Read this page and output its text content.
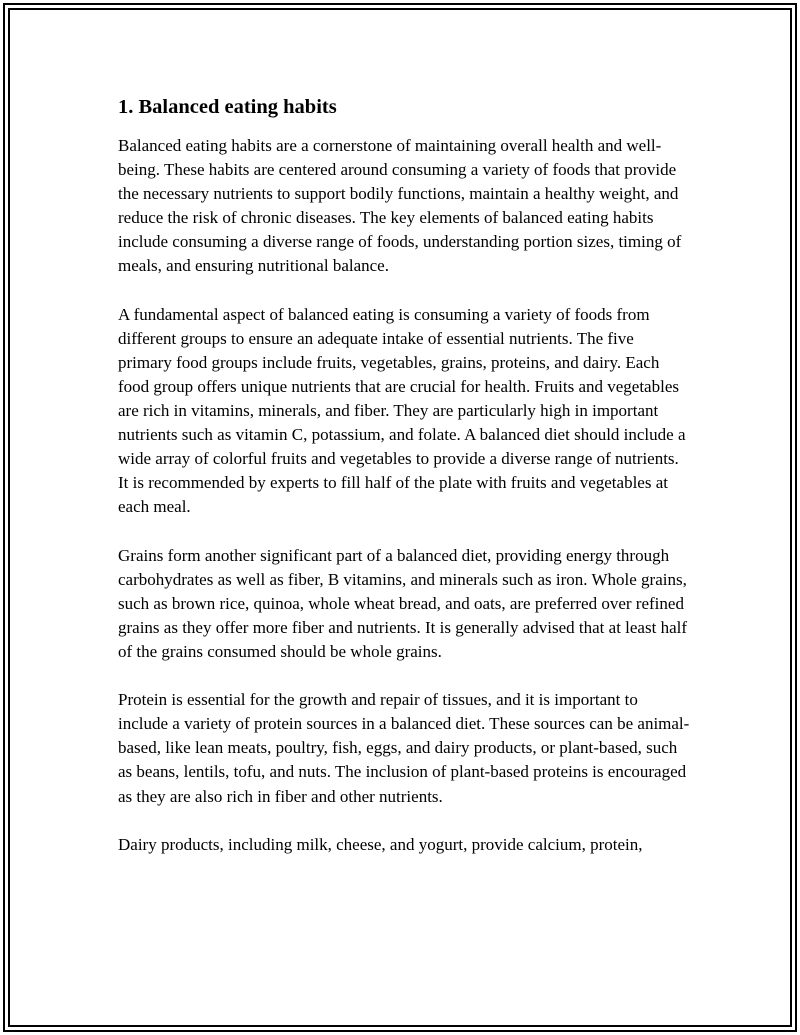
1. Balanced eating habits

Balanced eating habits are a cornerstone of maintaining overall health and well-being. These habits are centered around consuming a variety of foods that provide the necessary nutrients to support bodily functions, maintain a healthy weight, and reduce the risk of chronic diseases. The key elements of balanced eating habits include consuming a diverse range of foods, understanding portion sizes, timing of meals, and ensuring nutritional balance.

A fundamental aspect of balanced eating is consuming a variety of foods from different groups to ensure an adequate intake of essential nutrients. The five primary food groups include fruits, vegetables, grains, proteins, and dairy. Each food group offers unique nutrients that are crucial for health. Fruits and vegetables are rich in vitamins, minerals, and fiber. They are particularly high in important nutrients such as vitamin C, potassium, and folate. A balanced diet should include a wide array of colorful fruits and vegetables to provide a diverse range of nutrients. It is recommended by experts to fill half of the plate with fruits and vegetables at each meal.

Grains form another significant part of a balanced diet, providing energy through carbohydrates as well as fiber, B vitamins, and minerals such as iron. Whole grains, such as brown rice, quinoa, whole wheat bread, and oats, are preferred over refined grains as they offer more fiber and nutrients. It is generally advised that at least half of the grains consumed should be whole grains.

Protein is essential for the growth and repair of tissues, and it is important to include a variety of protein sources in a balanced diet. These sources can be animal-based, like lean meats, poultry, fish, eggs, and dairy products, or plant-based, such as beans, lentils, tofu, and nuts. The inclusion of plant-based proteins is encouraged as they are also rich in fiber and other nutrients.

Dairy products, including milk, cheese, and yogurt, provide calcium, protein,
